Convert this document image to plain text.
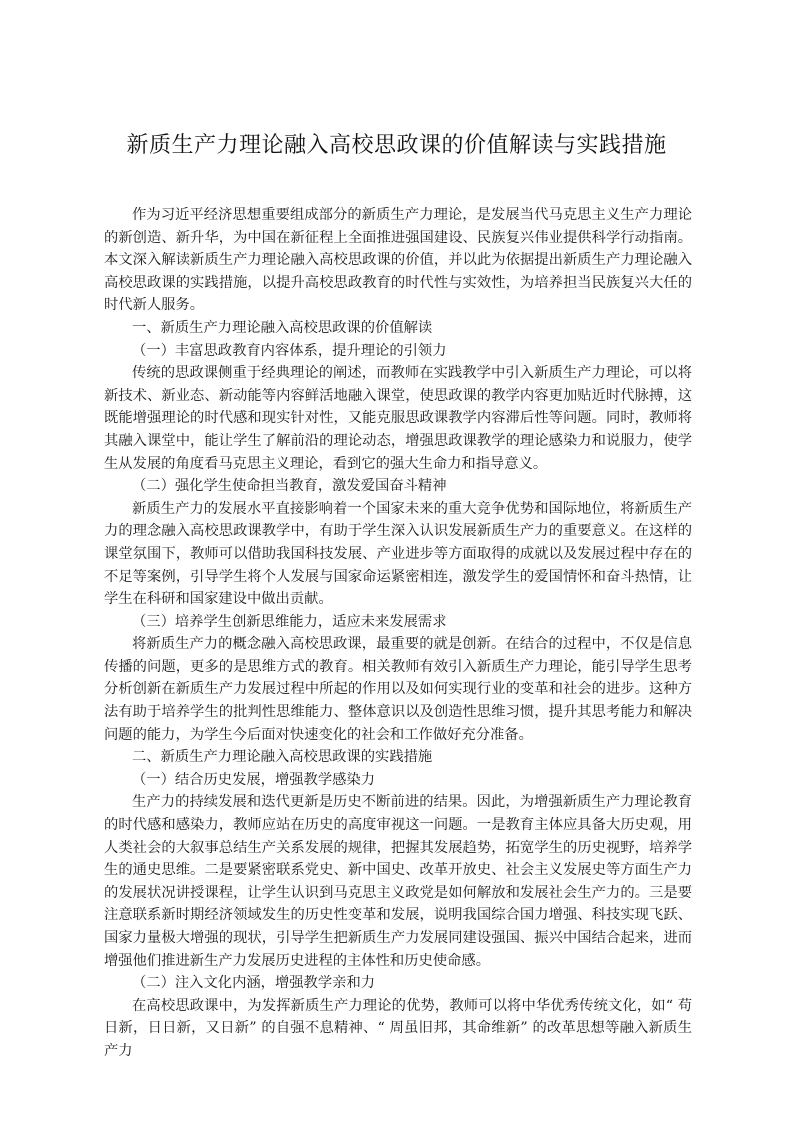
新质生产力理论融入高校思政课的价值解读与实践措施

作为习近平经济思想重要组成部分的新质生产力理论，是发展当代马克思主义生产力理论的新创造、新升华，为中国在新征程上全面推进强国建设、民族复兴伟业提供科学行动指南。本文深入解读新质生产力理论融入高校思政课的价值，并以此为依据提出新质生产力理论融入高校思政课的实践措施，以提升高校思政教育的时代性与实效性，为培养担当民族复兴大任的时代新人服务。

一、新质生产力理论融入高校思政课的价值解读

（一）丰富思政教育内容体系，提升理论的引领力

传统的思政课侧重于经典理论的阐述，而教师在实践教学中引入新质生产力理论，可以将新技术、新业态、新动能等内容鲜活地融入课堂，使思政课的教学内容更加贴近时代脉搏，这既能增强理论的时代感和现实针对性，又能克服思政课教学内容滞后性等问题。同时，教师将其融入课堂中，能让学生了解前沿的理论动态，增强思政课教学的理论感染力和说服力，使学生从发展的角度看马克思主义理论，看到它的强大生命力和指导意义。

（二）强化学生使命担当教育，激发爱国奋斗精神

新质生产力的发展水平直接影响着一个国家未来的重大竞争优势和国际地位，将新质生产力的理念融入高校思政课教学中，有助于学生深入认识发展新质生产力的重要意义。在这样的课堂氛围下，教师可以借助我国科技发展、产业进步等方面取得的成就以及发展过程中存在的不足等案例，引导学生将个人发展与国家命运紧密相连，激发学生的爱国情怀和奋斗热情，让学生在科研和国家建设中做出贡献。

（三）培养学生创新思维能力，适应未来发展需求

将新质生产力的概念融入高校思政课，最重要的就是创新。在结合的过程中，不仅是信息传播的问题，更多的是思维方式的教育。相关教师有效引入新质生产力理论，能引导学生思考分析创新在新质生产力发展过程中所起的作用以及如何实现行业的变革和社会的进步。这种方法有助于培养学生的批判性思维能力、整体意识以及创造性思维习惯，提升其思考能力和解决问题的能力，为学生今后面对快速变化的社会和工作做好充分准备。

二、新质生产力理论融入高校思政课的实践措施

（一）结合历史发展，增强教学感染力

生产力的持续发展和迭代更新是历史不断前进的结果。因此，为增强新质生产力理论教育的时代感和感染力，教师应站在历史的高度审视这一问题。一是教育主体应具备大历史观，用人类社会的大叙事总结生产关系发展的规律，把握其发展趋势，拓宽学生的历史视野，培养学生的通史思维。二是要紧密联系党史、新中国史、改革开放史、社会主义发展史等方面生产力的发展状况讲授课程，让学生认识到马克思主义政党是如何解放和发展社会生产力的。三是要注意联系新时期经济领域发生的历史性变革和发展，说明我国综合国力增强、科技实现飞跃、国家力量极大增强的现状，引导学生把新质生产力发展同建设强国、振兴中国结合起来，进而增强他们推进新生产力发展历史进程的主体性和历史使命感。

（二）注入文化内涵，增强教学亲和力

在高校思政课中，为发挥新质生产力理论的优势，教师可以将中华优秀传统文化，如“ 苟日新，日日新，又日新” 的自强不息精神、“ 周虽旧邦，其命维新” 的改革思想等融入新质生产力
